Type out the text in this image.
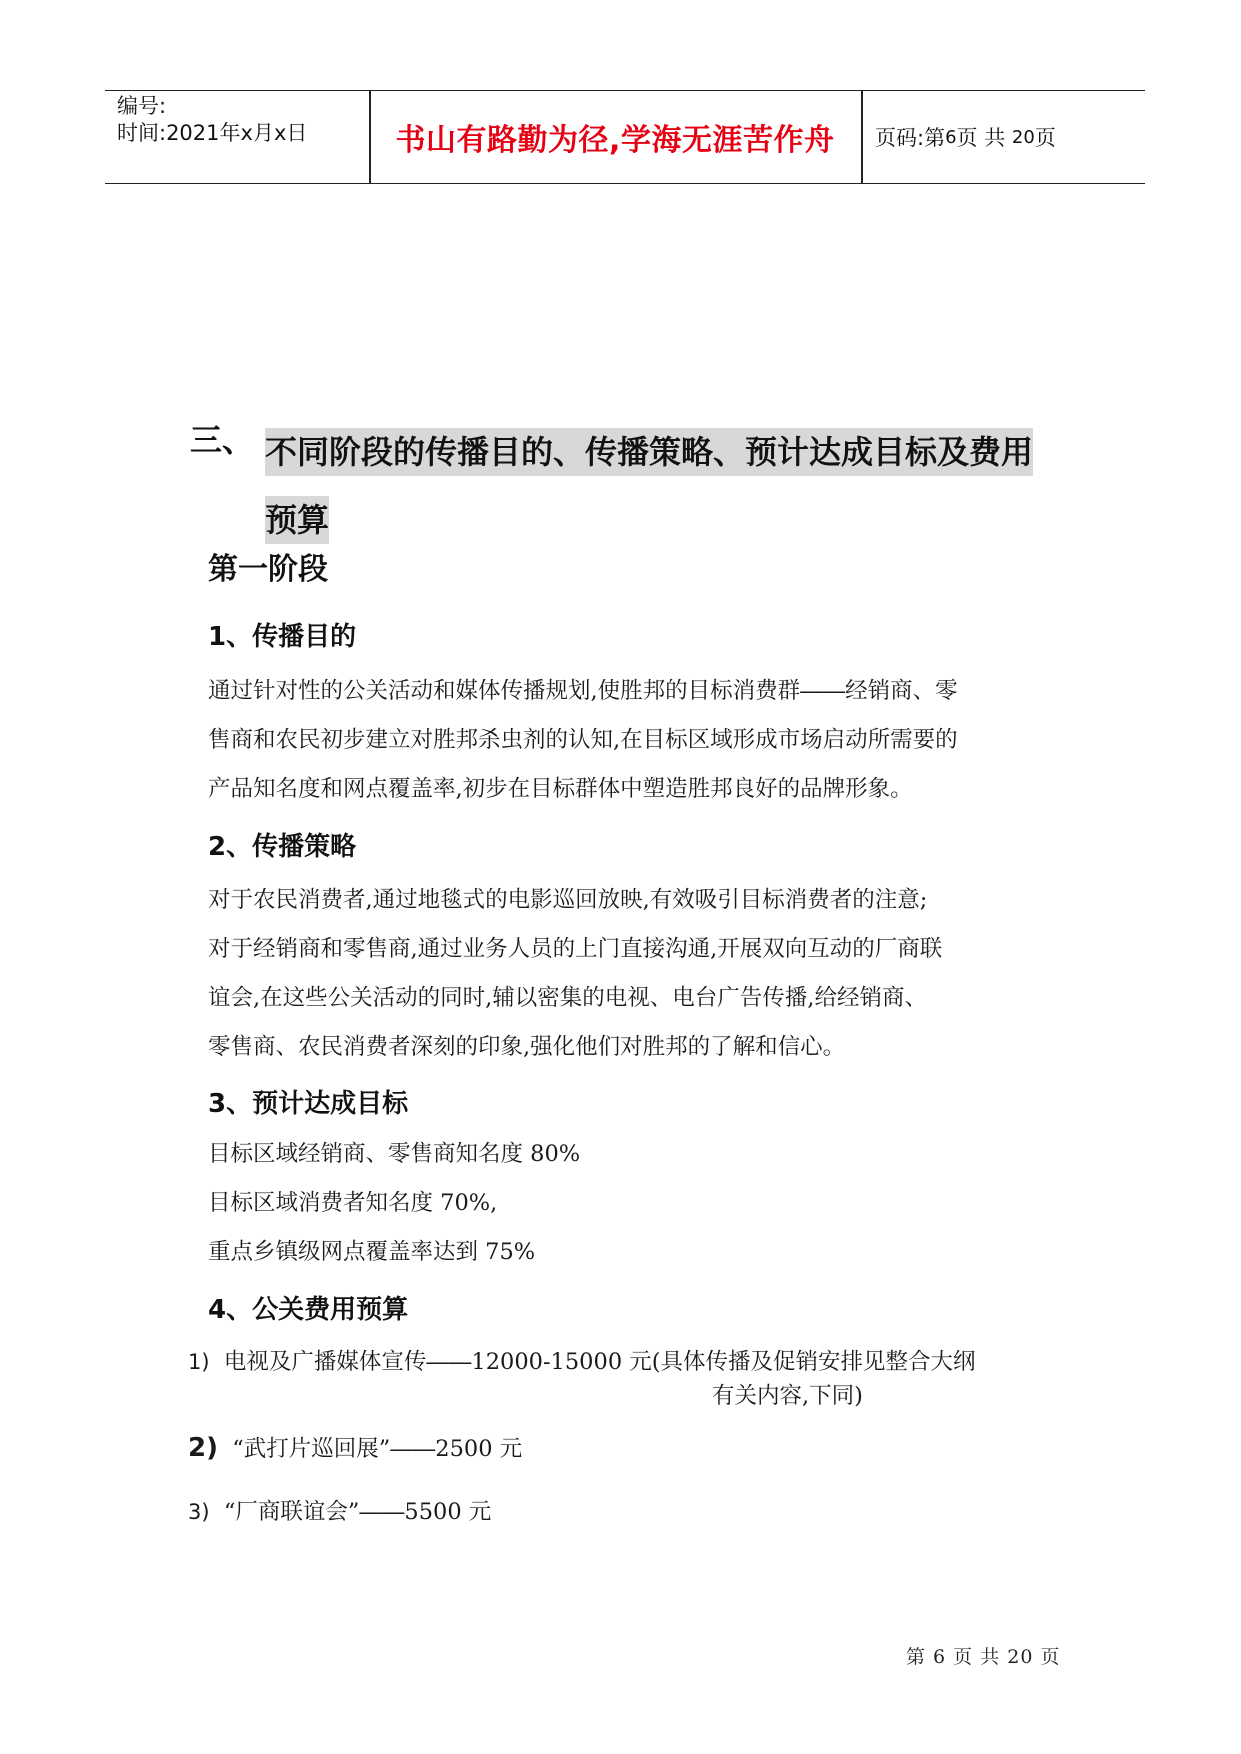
编号:
时间:2021年x月x日	书山有路勤为径,学海无涯苦作舟	页码:第 6 页 共
20 页
三、 不同阶段的传播目的、传播策略、预计达成目标及费用
预算
第一阶段
1、传播目的
通过针对性的公关活动和媒体传播规划,使胜邦的目标消费群――经销商、零
售商和农民初步建立对胜邦杀虫剂的认知,在目标区域形成市场启动所需要的
产品知名度和网点覆盖率,初步在目标群体中塑造胜邦良好的品牌形象。
2、传播策略
对于农民消费者,通过地毯式的电影巡回放映,有效吸引目标消费者的注意;
对于经销商和零售商,通过业务人员的上门直接沟通,开展双向互动的厂商联
谊会,在这些公关活动的同时,辅以密集的电视、电台广告传播,给经销商、
零售商、农民消费者深刻的印象,强化他们对胜邦的了解和信心。
3、预计达成目标
目标区域经销商、零售商知名度 80%
目标区域消费者知名度 70%,
重点乡镇级网点覆盖率达到 75%
4、公关费用预算
1) 电视及广播媒体宣传――12000-15000 元(具体传播及促销安排见整合大纲
有关内容,下同)
2) “武打片巡回展”――2500 元
3) “厂商联谊会”――5500 元
第 6 页 共 20 页
